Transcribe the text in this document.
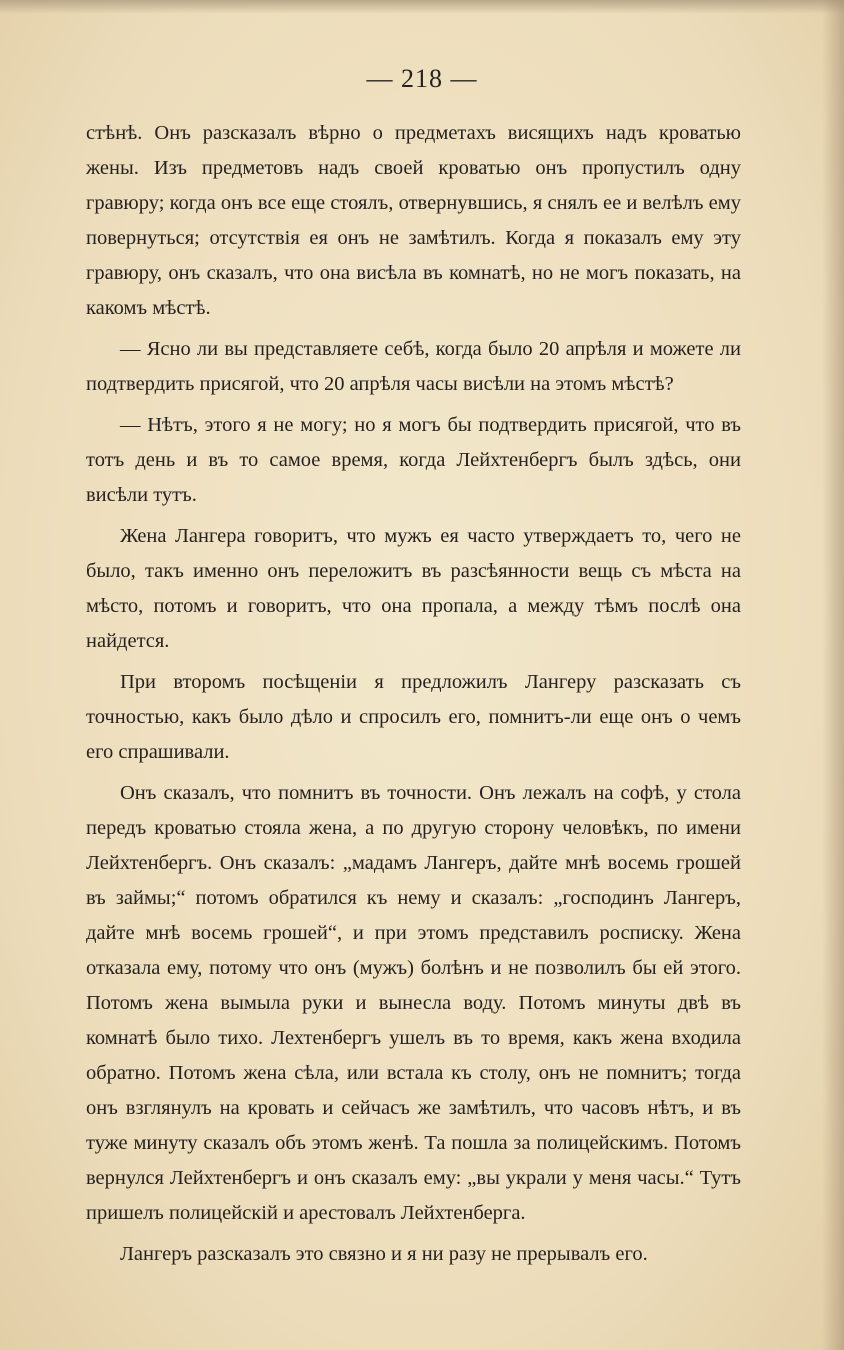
— 218 —

стѣнѣ. Онъ разсказалъ вѣрно о предметахъ висящихъ надъ кроватью жены. Изъ предметовъ надъ своей кроватью онъ пропустилъ одну гравюру; когда онъ все еще стоялъ, отвернувшись, я снялъ ее и велѣлъ ему повернуться; отсутствія ея онъ не замѣтилъ. Когда я показалъ ему эту гравюру, онъ сказалъ, что она висѣла въ комнатѣ, но не могъ показать, на какомъ мѣстѣ.

— Ясно ли вы представляете себѣ, когда было 20 апрѣля и можете ли подтвердить присягой, что 20 апрѣля часы висѣли на этомъ мѣстѣ?

— Нѣтъ, этого я не могу; но я могъ бы подтвердить присягой, что въ тотъ день и въ то самое время, когда Лейхтенбергъ былъ здѣсь, они висѣли тутъ.

Жена Лангера говоритъ, что мужъ ея часто утверждаетъ то, чего не было, такъ именно онъ переложитъ въ разсѣянности вещь съ мѣста на мѣсто, потомъ и говоритъ, что она пропала, а между тѣмъ послѣ она найдется.

При второмъ посѣщеніи я предложилъ Лангеру разсказать съ точностью, какъ было дѣло и спросилъ его, помнитъ-ли еще онъ о чемъ его спрашивали.

Онъ сказалъ, что помнитъ въ точности. Онъ лежалъ на софѣ, у стола передъ кроватью стояла жена, а по другую сторону человѣкъ, по имени Лейхтенбергъ. Онъ сказалъ: „мадамъ Лангеръ, дайте мнѣ восемь грошей въ займы;“ потомъ обратился къ нему и сказалъ: „господинъ Лангеръ, дайте мнѣ восемь грошей“, и при этомъ представилъ росписку. Жена отказала ему, потому что онъ (мужъ) болѣнъ и не позволилъ бы ей этого. Потомъ жена вымыла руки и вынесла воду. Потомъ минуты двѣ въ комнатѣ было тихо. Лехтенбергъ ушелъ въ то время, какъ жена входила обратно. Потомъ жена сѣла, или встала къ столу, онъ не помнитъ; тогда онъ взглянулъ на кровать и сейчасъ же замѣтилъ, что часовъ нѣтъ, и въ туже минуту сказалъ объ этомъ женѣ. Та пошла за полицейскимъ. Потомъ вернулся Лейхтенбергъ и онъ сказалъ ему: „вы украли у меня часы.“ Тутъ пришелъ полицейскій и арестовалъ Лейхтенберга.

Лангеръ разсказалъ это связно и я ни разу не прерывалъ его.
